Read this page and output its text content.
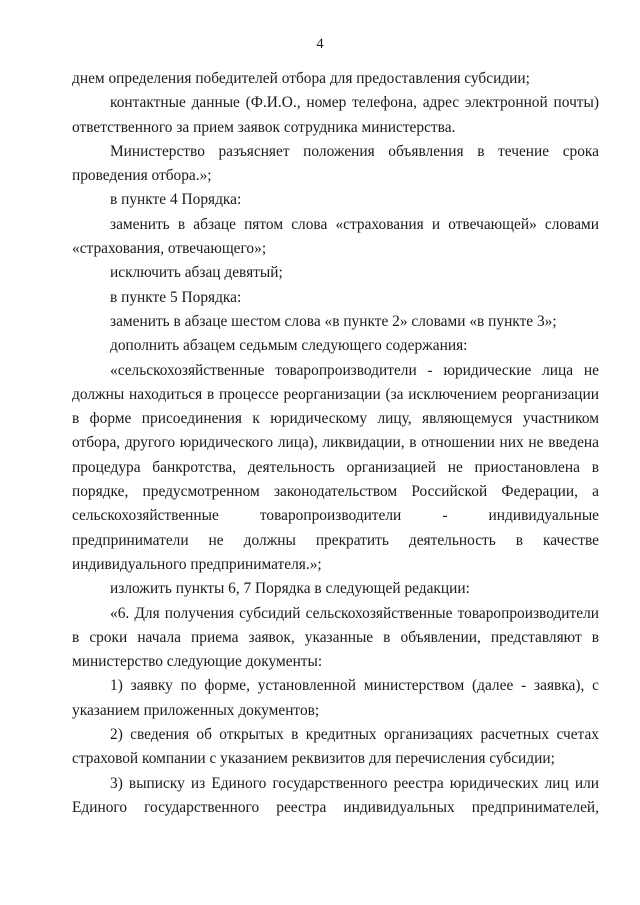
4

днем определения победителей отбора для предоставления субсидии;

контактные данные (Ф.И.О., номер телефона, адрес электронной почты) ответственного за прием заявок сотрудника министерства.

Министерство разъясняет положения объявления в течение срока проведения отбора.»;

в пункте 4 Порядка:

заменить в абзаце пятом слова «страхования и отвечающей» словами «страхования, отвечающего»;

исключить абзац девятый;

в пункте 5 Порядка:

заменить в абзаце шестом слова «в пункте 2» словами «в пункте 3»;

дополнить абзацем седьмым следующего содержания:

«сельскохозяйственные товаропроизводители - юридические лица не должны находиться в процессе реорганизации (за исключением реорганизации в форме присоединения к юридическому лицу, являющемуся участником отбора, другого юридического лица), ликвидации, в отношении них не введена процедура банкротства, деятельность организацией не приостановлена в порядке, предусмотренном законодательством Российской Федерации, а сельскохозяйственные товаропроизводители - индивидуальные предприниматели не должны прекратить деятельность в качестве индивидуального предпринимателя.»;

изложить пункты 6, 7 Порядка в следующей редакции:

«6. Для получения субсидий сельскохозяйственные товаропроизводители в сроки начала приема заявок, указанные в объявлении, представляют в министерство следующие документы:

1) заявку по форме, установленной министерством (далее - заявка), с указанием приложенных документов;

2) сведения об открытых в кредитных организациях расчетных счетах страховой компании с указанием реквизитов для перечисления субсидии;

3) выписку из Единого государственного реестра юридических лиц или Единого государственного реестра индивидуальных предпринимателей,
